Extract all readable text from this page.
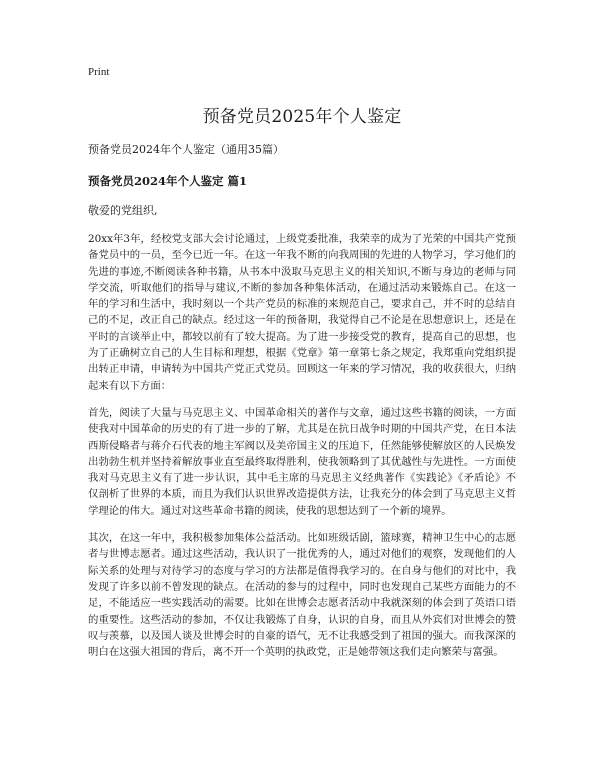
Print
预备党员2025年个人鉴定

预备党员2024年个人鉴定（通用35篇）

预备党员2024年个人鉴定 篇1

敬爱的党组织,

20xx年3年，经校党支部大会讨论通过，上级党委批准，我荣幸的成为了光荣的中国共产党预备党员中的一员，至今已近一年。在这一年我不断的向我周围的先进的人物学习，学习他们的先进的事迹,不断阅读各种书籍，从书本中汲取马克思主义的相关知识,不断与身边的老师与同学交流，听取他们的指导与建议,不断的参加各种集体活动，在通过活动来锻炼自己。在这一年的学习和生活中，我时刻以一个共产党员的标准的来规范自己，要求自己，并不时的总结自己的不足，改正自己的缺点。经过这一年的预备期，我觉得自己不论是在思想意识上，还是在平时的言谈举止中，都较以前有了较大提高。为了进一步接受党的教育，提高自己的思想，也为了正确树立自己的人生目标和理想，根据《党章》第一章第七条之规定，我郑重向党组织提出转正申请，申请转为中国共产党正式党员。回顾这一年来的学习情况，我的收获很大，归纳起来有以下方面：

首先，阅读了大量与马克思主义、中国革命相关的著作与文章，通过这些书籍的阅读，一方面使我对中国革命的历史的有了进一步的了解，尤其是在抗日战争时期的中国共产党，在日本法西斯侵略者与蒋介石代表的地主军阀以及美帝国主义的压迫下，任然能够使解放区的人民焕发出勃勃生机并坚持着解放事业直至最终取得胜利，使我领略到了其优越性与先进性。一方面使我对马克思主义有了进一步认识，其中毛主席的马克思主义经典著作《实践论》《矛盾论》不仅剖析了世界的本质，而且为我们认识世界改造提供方法，让我充分的体会到了马克思主义哲学理论的伟大。通过对这些革命书籍的阅读，使我的思想达到了一个新的境界。

其次，在这一年中，我积极参加集体公益活动。比如班级话剧，篮球赛，精神卫生中心的志愿者与世博志愿者。通过这些活动，我认识了一批优秀的人，通过对他们的观察，发现他们的人际关系的处理与对待学习的态度与学习的方法都是值得我学习的。在自身与他们的对比中，我发现了许多以前不曾发现的缺点。在活动的参与的过程中，同时也发现自己某些方面能力的不足，不能适应一些实践活动的需要。比如在世博会志愿者活动中我就深刻的体会到了英语口语的重要性。这些活动的参加，不仅让我锻炼了自身，认识的自身，而且从外宾们对世博会的赞叹与羡慕，以及国人谈及世博会时的自豪的语气，无不让我感受到了祖国的强大。而我深深的明白在这强大祖国的背后，离不开一个英明的执政党，正是她带领这我们走向繁荣与富强。
